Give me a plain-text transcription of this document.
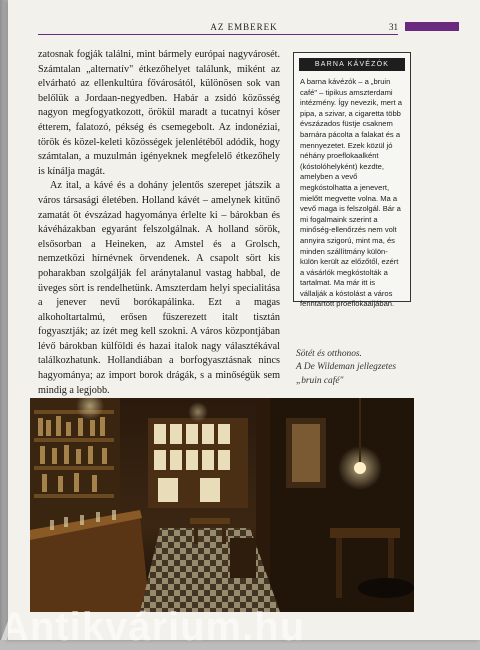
AZ EMBEREK	31

zatosnak fogják találni, mint bármely európai nagyvárosét. Számtalan „alternatív" étkezőhelyet találunk, miként az elvárható az ellenkultúra fővárosától, különösen sok van belőlük a Jordaan-negyedben. Habár a zsidó közösség nagyon megfogyatkozott, örökül maradt a tucatnyi kóser étterem, falatozó, pékség és csemegebolt. Az indonéziai, török és közel-keleti közösségek jelenlétéből adódik, hogy számtalan, a muzulmán igényeknek megfelelő étkezőhely is kínálja magát.

Az ital, a kávé és a dohány jelentős szerepet játszik a város társasági életében. Holland kávét – amelynek kitűnő zamatát öt évszázad hagyománya érlelte ki – bárokban és kávéházakban egyaránt felszolgálnak. A holland sörök, elsősorban a Heineken, az Amstel és a Grolsch, nemzetközi hírnévnek örvendenek. A csapolt sört kis poharakban szolgálják fel aránytalanul vastag habbal, de üveges sört is rendelhetünk. Amszterdam helyi specialitása a jenever nevű borókapálinka. Ezt a magas alkoholtartalmú, erősen fűszerezett italt tisztán fogyasztják; az ízét meg kell szokni. A város központjában lévő bárokban külföldi és hazai italok nagy választékával találkozhatunk. Hollandiában a borfogyasztásnak nincs hagyománya; az import borok drágák, s a minőségük sem mindig a legjobb.

BARNA KÁVÉZÓK
A barna kávézók – a „bruin café" – tipikus amszterdami intézmény. Így nevezik, mert a pipa, a szivar, a cigaretta több évszázados füstje csaknem barnára pácolta a falakat és a mennyezetet. Ezek közül jó néhány proeflokaalként (kóstolóhelyként) kezdte, amelyben a vevő megkóstolhatta a jenevert, mielőtt megvette volna. Ma a vevő maga is felszolgál. Bár a mi fogalmaink szerint a minőség-ellenőrzés nem volt annyira szigorú, mint ma, és minden szállítmány külön-külön került az előzőtől, ezért a vásárlók megkóstolták a tartalmat. Ma már itt is vállalják a kóstolást a város fenntartott proeflokaaljában.
Sötét és otthonos.
A De Wildeman jellegzetes
„bruin café"
Antikvárium.hu
